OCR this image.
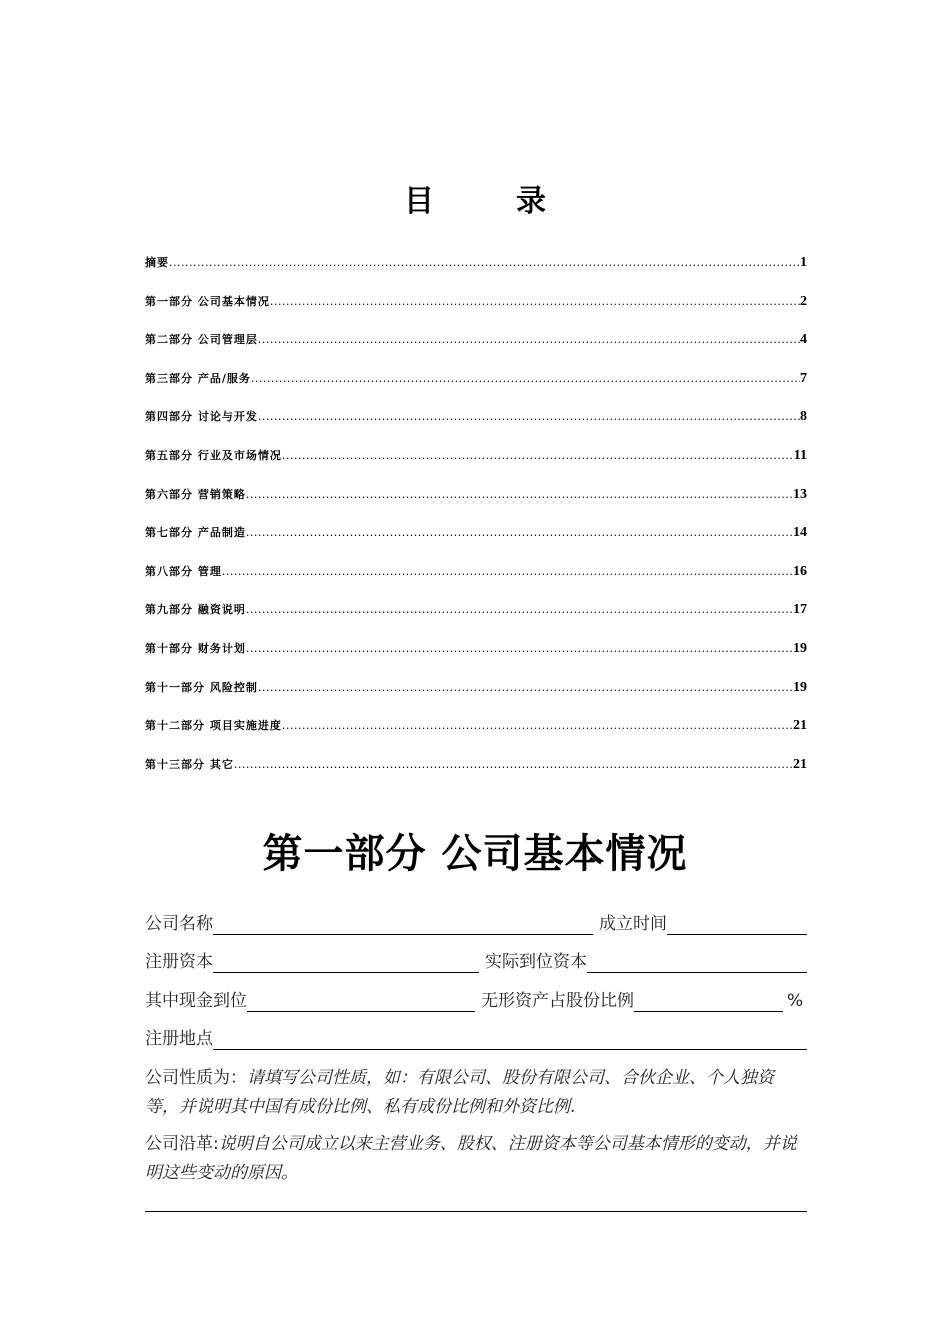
目	录
摘要 .....	1
第一部分 公司基本情况 .....	2
第二部分 公司管理层 .....	4
第三部分 产品/服务 .....	7
第四部分 讨论与开发 .....	8
第五部分 行业及市场情况 .....	11
第六部分 营销策略 .....	13
第七部分 产品制造 .....	14
第八部分 管理 .....	16
第九部分 融资说明 .....	17
第十部分 财务计划 .....	19
第十一部分 风险控制 .....	19
第十二部分 项目实施进度 .....	21
第十三部分 其它 .....	21
第一部分 公司基本情况
公司名称	成立时间
注册资本	实际到位资本
其中现金到位	无形资产占股份比例	%
注册地点
公司性质为：请填写公司性质，如：有限公司、股份有限公司、合伙企业、个人独资等，并说明其中国有成份比例、私有成份比例和外资比例.
公司沿革:说明自公司成立以来主营业务、股权、注册资本等公司基本情形的变动，并说明这些变动的原因。
